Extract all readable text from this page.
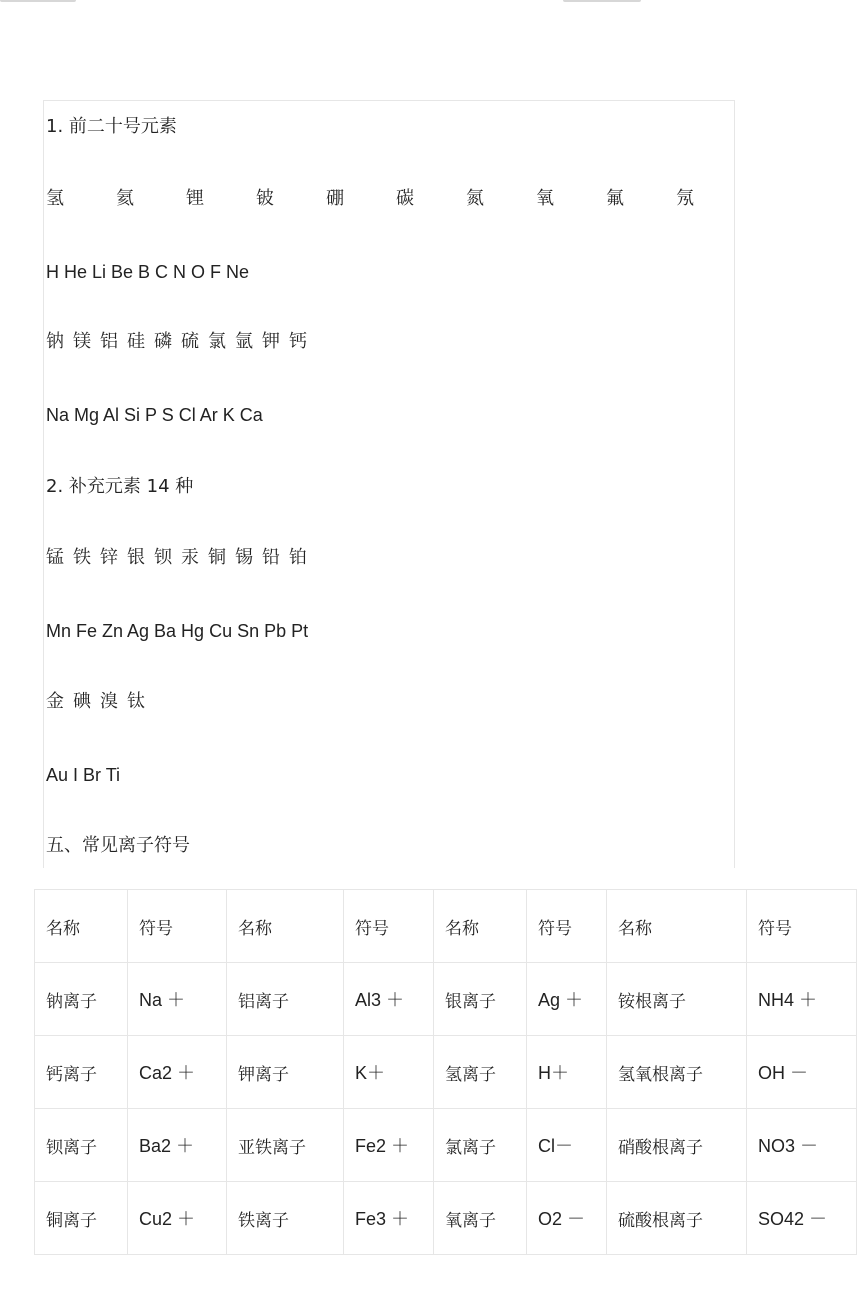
1. 前二十号元素
氢	氦	锂	铍	硼	碳	氮	氧	氟	氖
H He Li Be B C N O F Ne
钠 镁 铝 硅 磷 硫 氯 氩 钾 钙
Na Mg Al Si P S Cl Ar K Ca
2. 补充元素 14 种
锰 铁 锌 银 钡 汞 铜 锡 铅 铂
Mn Fe Zn Ag Ba Hg Cu Sn Pb Pt
金 碘 溴 钛
Au I Br Ti
五、常见离子符号
名称	符号	名称	符号	名称	符号	名称	符号
钠离子	Na ＋	铝离子	Al3 ＋	银离子	Ag ＋	铵根离子	NH4 ＋
钙离子	Ca2 ＋	钾离子	K＋	氢离子	H＋	氢氧根离子	OH －
钡离子	Ba2 ＋	亚铁离子	Fe2 ＋	氯离子	Cl－	硝酸根离子	NO3 －
铜离子	Cu2 ＋	铁离子	Fe3 ＋	氧离子	O2 －	硫酸根离子	SO42 －
